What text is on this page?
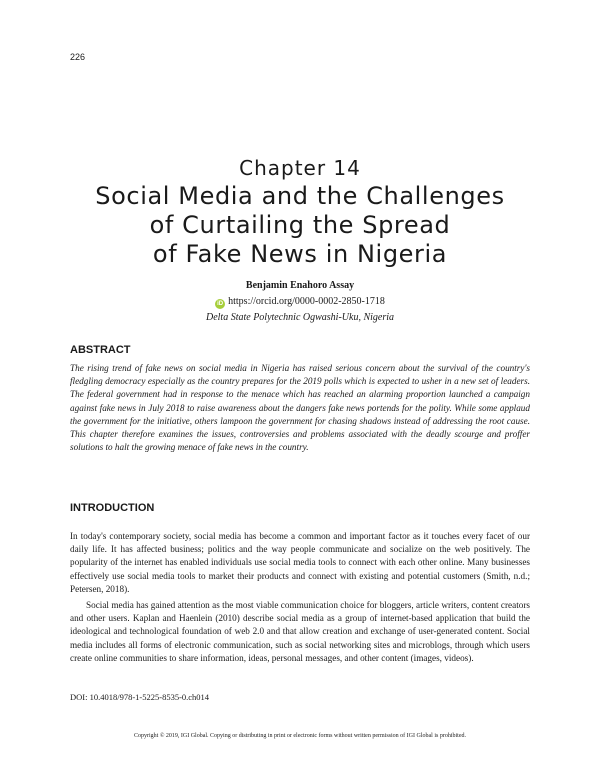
226
Chapter 14
Social Media and the Challenges
of Curtailing the Spread
of Fake News in Nigeria
Benjamin Enahoro Assay
iD https://orcid.org/0000-0002-2850-1718
Delta State Polytechnic Ogwashi-Uku, Nigeria
ABSTRACT

The rising trend of fake news on social media in Nigeria has raised serious concern about the survival of the country's fledgling democracy especially as the country prepares for the 2019 polls which is expected to usher in a new set of leaders. The federal government had in response to the menace which has reached an alarming proportion launched a campaign against fake news in July 2018 to raise awareness about the dangers fake news portends for the polity. While some applaud the government for the initiative, others lampoon the government for chasing shadows instead of addressing the root cause. This chapter therefore examines the issues, controversies and problems associated with the deadly scourge and proffer solutions to halt the growing menace of fake news in the country.

INTRODUCTION

In today's contemporary society, social media has become a common and important factor as it touches every facet of our daily life. It has affected business; politics and the way people communicate and socialize on the web positively. The popularity of the internet has enabled individuals use social media tools to connect with each other online. Many businesses effectively use social media tools to market their products and connect with existing and potential customers (Smith, n.d.; Petersen, 2018).

Social media has gained attention as the most viable communication choice for bloggers, article writers, content creators and other users. Kaplan and Haenlein (2010) describe social media as a group of internet-based application that build the ideological and technological foundation of web 2.0 and that allow creation and exchange of user-generated content. Social media includes all forms of electronic communication, such as social networking sites and microblogs, through which users create online communities to share information, ideas, personal messages, and other content (images, videos).

DOI: 10.4018/978-1-5225-8535-0.ch014
Copyright © 2019, IGI Global. Copying or distributing in print or electronic forms without written permission of IGI Global is prohibited.
